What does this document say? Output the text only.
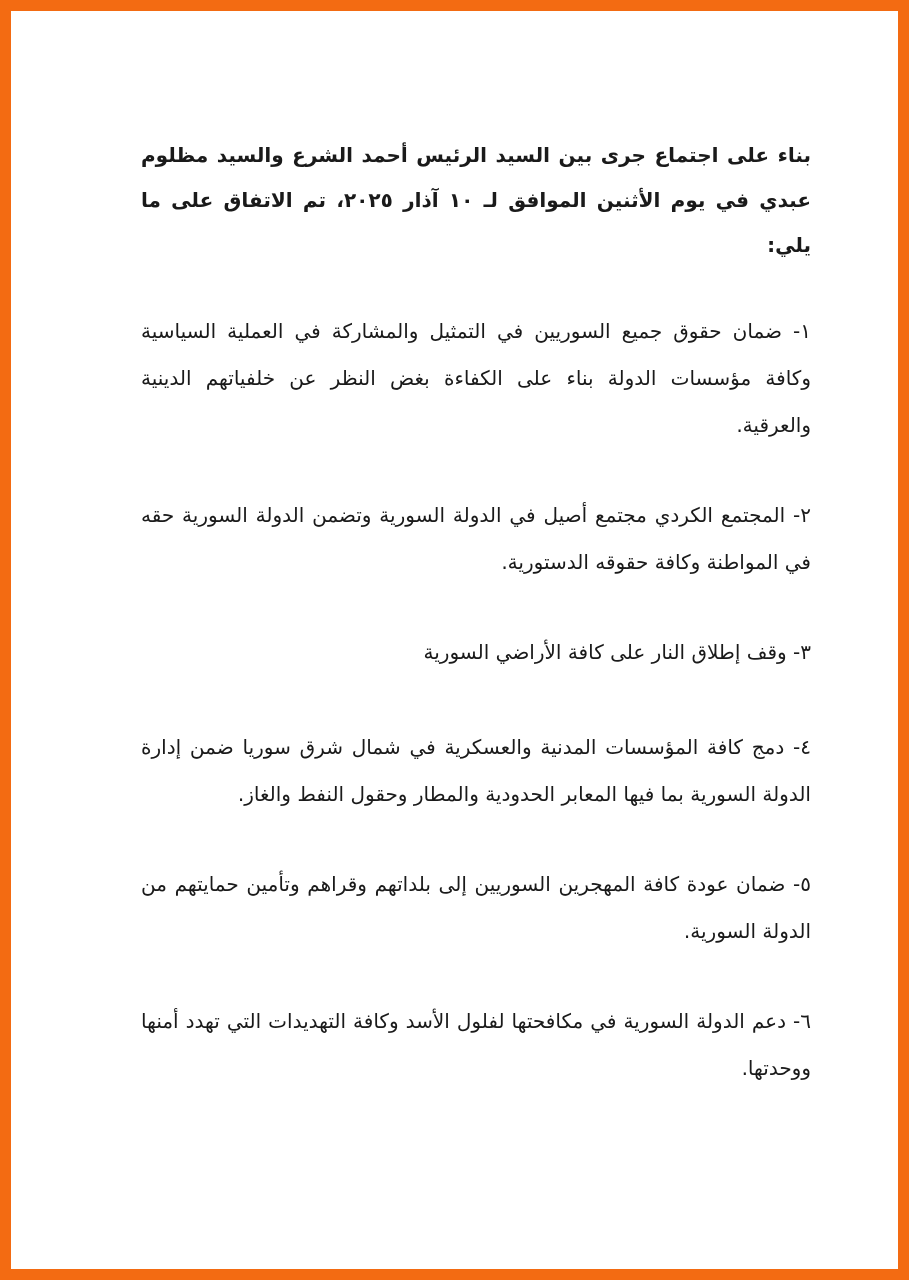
بناء على اجتماع جرى بين السيد الرئيس أحمد الشرع والسيد مظلوم عبدي في يوم الأثنين الموافق لـ ١٠ آذار ٢٠٢٥، تم الاتفاق على ما يلي:

١- ضمان حقوق جميع السوريين في التمثيل والمشاركة في العملية السياسية وكافة مؤسسات الدولة بناء على الكفاءة بغض النظر عن خلفياتهم الدينية والعرقية.

٢- المجتمع الكردي مجتمع أصيل في الدولة السورية وتضمن الدولة السورية حقه في المواطنة وكافة حقوقه الدستورية.

٣- وقف إطلاق النار على كافة الأراضي السورية

٤- دمج كافة المؤسسات المدنية والعسكرية في شمال شرق سوريا ضمن إدارة الدولة السورية بما فيها المعابر الحدودية والمطار وحقول النفط والغاز.

٥- ضمان عودة كافة المهجرين السوريين إلى بلداتهم وقراهم وتأمين حمايتهم من الدولة السورية.

٦- دعم الدولة السورية في مكافحتها لفلول الأسد وكافة التهديدات التي تهدد أمنها ووحدتها.
